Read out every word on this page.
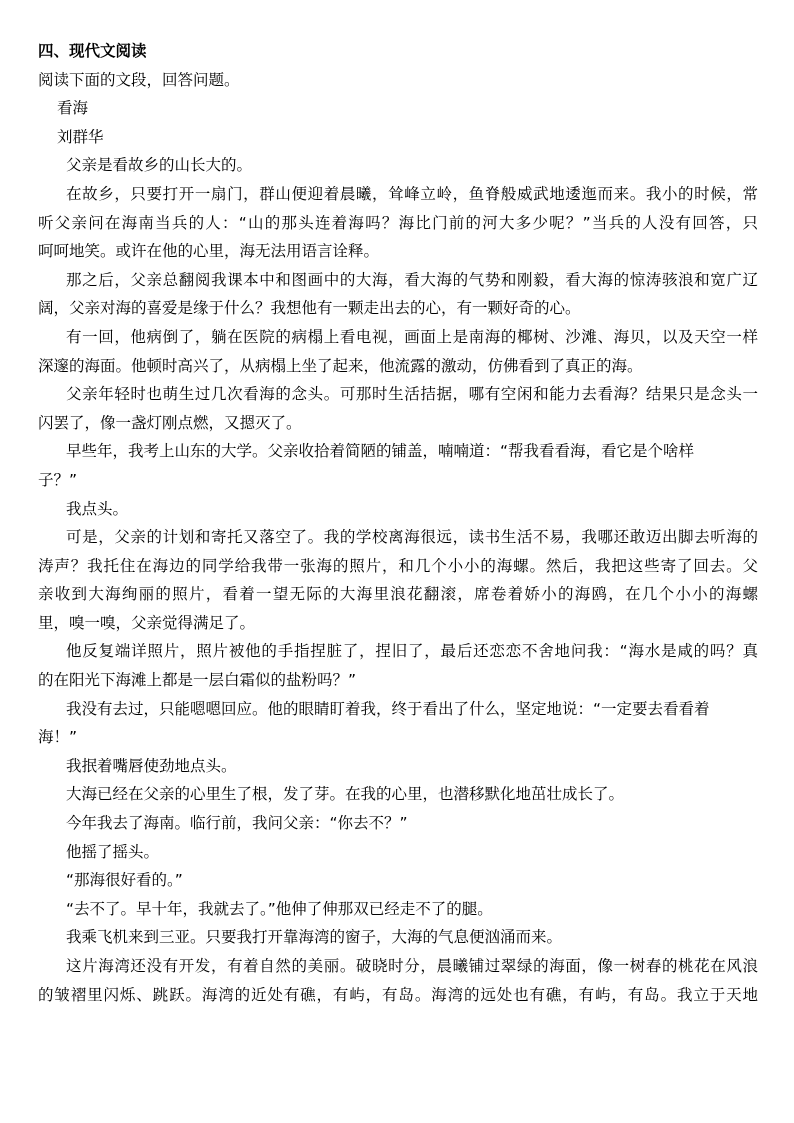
四、现代文阅读
阅读下面的文段，回答问题。
看海
刘群华
父亲是看故乡的山长大的。
在故乡，只要打开一扇门，群山便迎着晨曦，耸峰立岭，鱼脊般威武地逶迤而来。我小的时候，常
听父亲问在海南当兵的人：“山的那头连着海吗？海比门前的河大多少呢？”当兵的人没有回答，只
呵呵地笑。或许在他的心里，海无法用语言诠释。
那之后，父亲总翻阅我课本中和图画中的大海，看大海的气势和刚毅，看大海的惊涛骇浪和宽广辽
阔，父亲对海的喜爱是缘于什么？我想他有一颗走出去的心，有一颗好奇的心。
有一回，他病倒了，躺在医院的病榻上看电视，画面上是南海的椰树、沙滩、海贝，以及天空一样
深邃的海面。他顿时高兴了，从病榻上坐了起来，他流露的激动，仿佛看到了真正的海。
父亲年轻时也萌生过几次看海的念头。可那时生活拮据，哪有空闲和能力去看海？结果只是念头一
闪罢了，像一盏灯刚点燃，又摁灭了。
早些年，我考上山东的大学。父亲收拾着简陋的铺盖，喃喃道：“帮我看看海，看它是个啥样
子？”
我点头。
可是，父亲的计划和寄托又落空了。我的学校离海很远，读书生活不易，我哪还敢迈出脚去听海的
涛声？我托住在海边的同学给我带一张海的照片，和几个小小的海螺。然后，我把这些寄了回去。父
亲收到大海绚丽的照片，看着一望无际的大海里浪花翻滚，席卷着娇小的海鸥，在几个小小的海螺
里，嗅一嗅，父亲觉得满足了。
他反复端详照片，照片被他的手指捏脏了，捏旧了，最后还恋恋不舍地问我：“海水是咸的吗？真
的在阳光下海滩上都是一层白霜似的盐粉吗？”
我没有去过，只能嗯嗯回应。他的眼睛盯着我，终于看出了什么，坚定地说：“一定要去看看着
海！”
我抿着嘴唇使劲地点头。
大海已经在父亲的心里生了根，发了芽。在我的心里，也潜移默化地茁壮成长了。
今年我去了海南。临行前，我问父亲：“你去不？”
他摇了摇头。
“那海很好看的。”
“去不了。早十年，我就去了。”他伸了伸那双已经走不了的腿。
我乘飞机来到三亚。只要我打开靠海湾的窗子，大海的气息便汹涌而来。
这片海湾还没有开发，有着自然的美丽。破晓时分，晨曦铺过翠绿的海面，像一树春的桃花在风浪
的皱褶里闪烁、跳跃。海湾的近处有礁，有屿，有岛。海湾的远处也有礁，有屿，有岛。我立于天地
